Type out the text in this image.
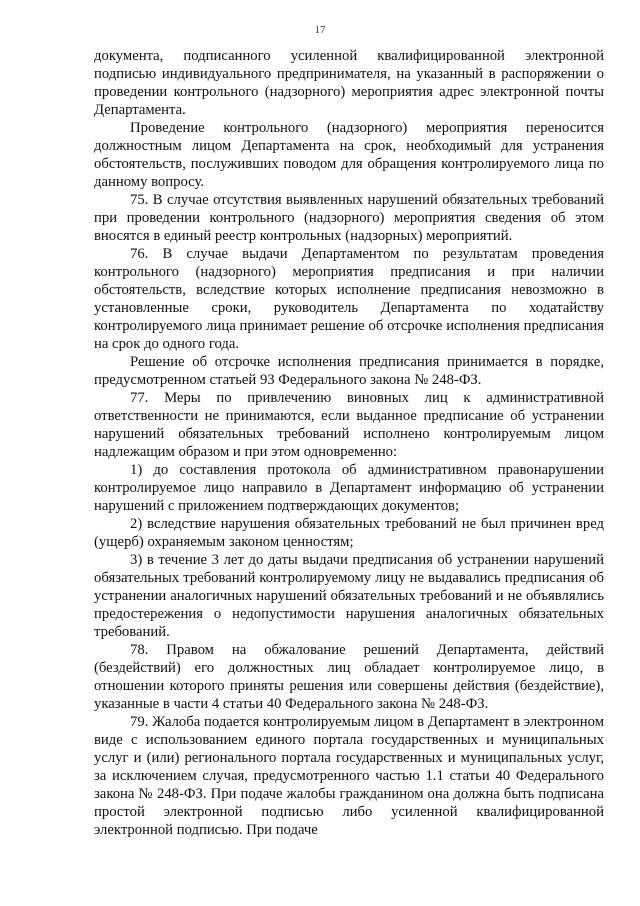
17

документа, подписанного усиленной квалифицированной электронной подписью индивидуального предпринимателя, на указанный в распоряжении о проведении контрольного (надзорного) мероприятия адрес электронной почты Департамента.

Проведение контрольного (надзорного) мероприятия переносится должностным лицом Департамента на срок, необходимый для устранения обстоятельств, послуживших поводом для обращения контролируемого лица по данному вопросу.

75. В случае отсутствия выявленных нарушений обязательных требований при проведении контрольного (надзорного) мероприятия сведения об этом вносятся в единый реестр контрольных (надзорных) мероприятий.

76. В случае выдачи Департаментом по результатам проведения контрольного (надзорного) мероприятия предписания и при наличии обстоятельств, вследствие которых исполнение предписания невозможно в установленные сроки, руководитель Департамента по ходатайству контролируемого лица принимает решение об отсрочке исполнения предписания на срок до одного года.

Решение об отсрочке исполнения предписания принимается в порядке, предусмотренном статьей 93 Федерального закона № 248-ФЗ.

77. Меры по привлечению виновных лиц к административной ответственности не принимаются, если выданное предписание об устранении нарушений обязательных требований исполнено контролируемым лицом надлежащим образом и при этом одновременно:

1) до составления протокола об административном правонарушении контролируемое лицо направило в Департамент информацию об устранении нарушений с приложением подтверждающих документов;

2) вследствие нарушения обязательных требований не был причинен вред (ущерб) охраняемым законом ценностям;

3) в течение 3 лет до даты выдачи предписания об устранении нарушений обязательных требований контролируемому лицу не выдавались предписания об устранении аналогичных нарушений обязательных требований и не объявлялись предостережения о недопустимости нарушения аналогичных обязательных требований.

78. Правом на обжалование решений Департамента, действий (бездействий) его должностных лиц обладает контролируемое лицо, в отношении которого приняты решения или совершены действия (бездействие), указанные в части 4 статьи 40 Федерального закона № 248-ФЗ.

79. Жалоба подается контролируемым лицом в Департамент в электронном виде с использованием единого портала государственных и муниципальных услуг и (или) регионального портала государственных и муниципальных услуг, за исключением случая, предусмотренного частью 1.1 статьи 40 Федерального закона № 248-ФЗ. При подаче жалобы гражданином она должна быть подписана простой электронной подписью либо усиленной квалифицированной электронной подписью. При подаче
